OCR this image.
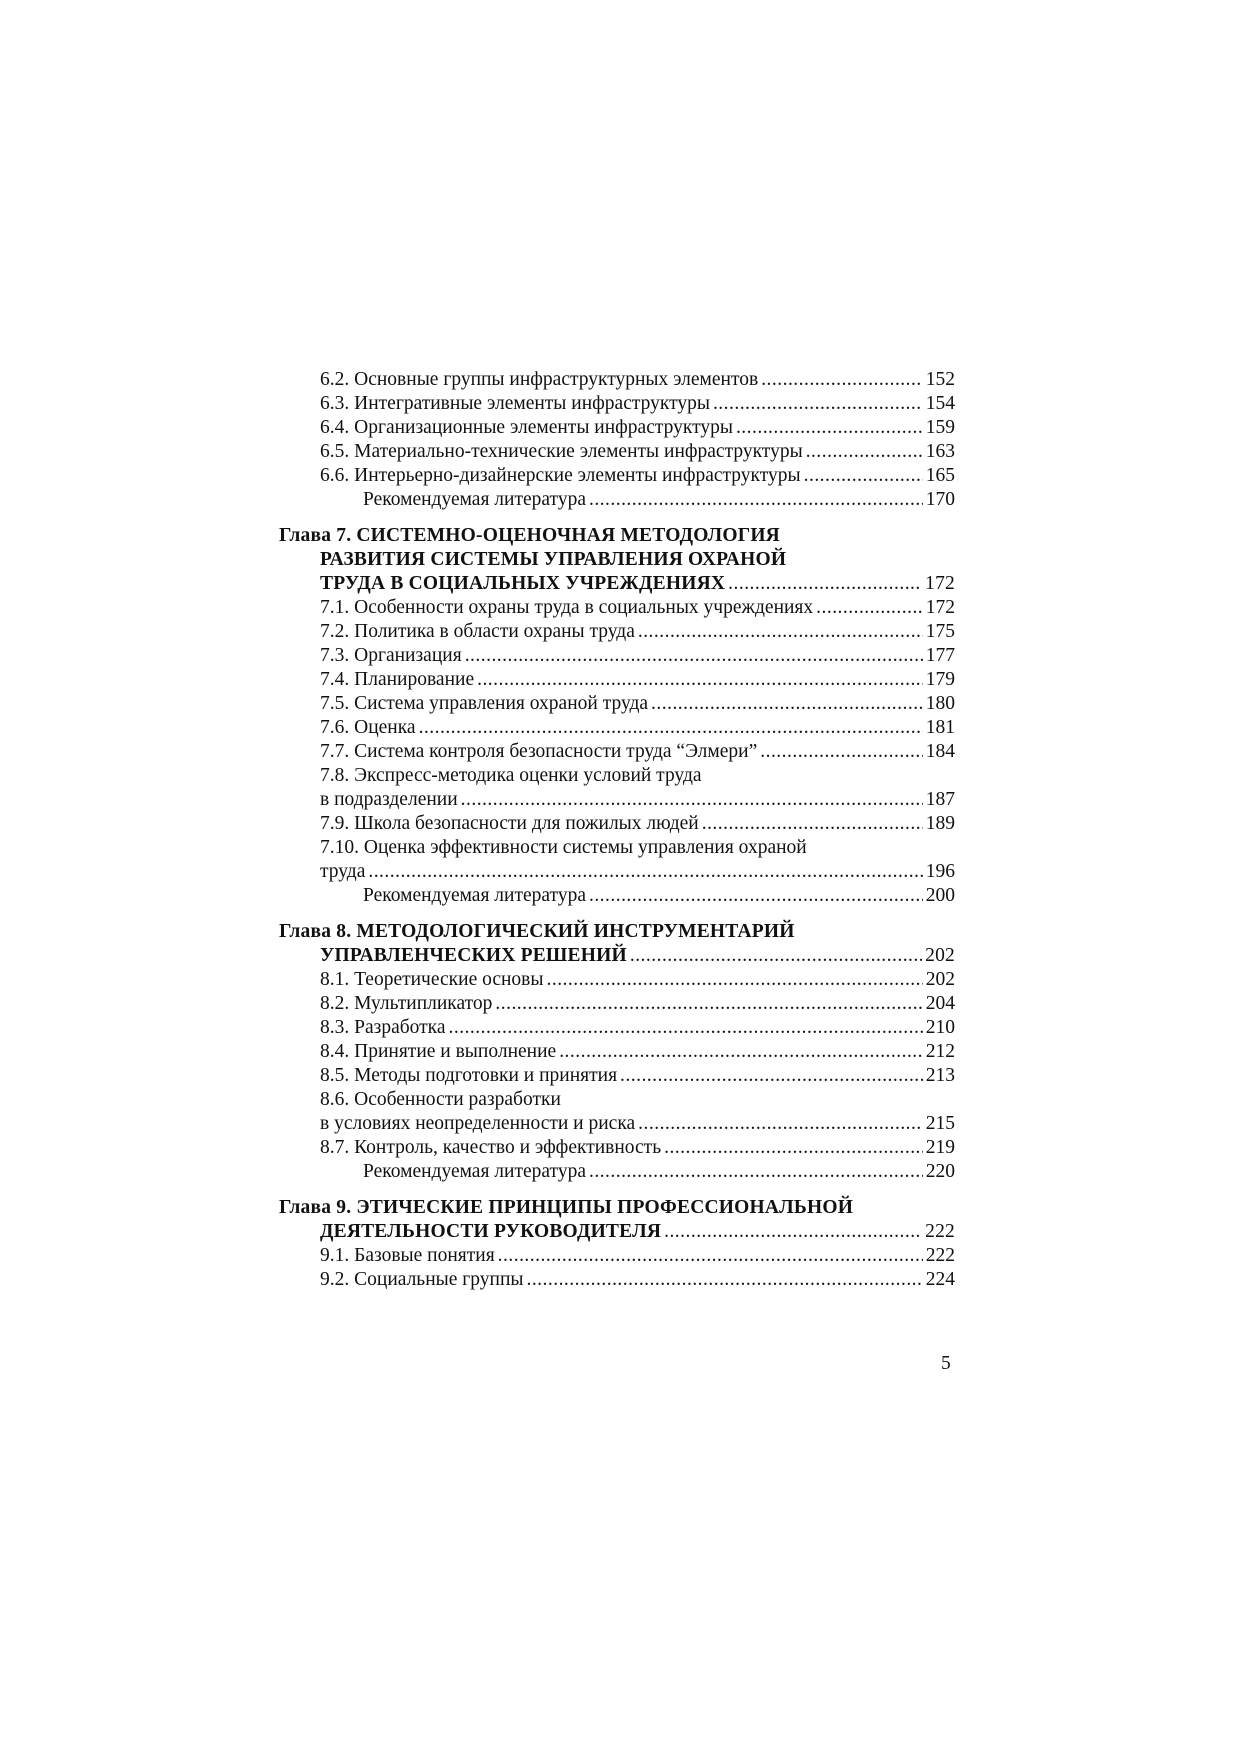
6.2. Основные группы инфраструктурных элементов . . .	152
6.3. Интегративные элементы инфраструктуры . . .	154
6.4. Организационные элементы инфраструктуры . . .	159
6.5. Материально-технические элементы инфраструктуры . . .	163
6.6. Интерьерно-дизайнерские элементы инфраструктуры . . .	165
Рекомендуемая литература . . .	170
Глава 7. СИСТЕМНО-ОЦЕНОЧНАЯ МЕТОДОЛОГИЯ
РАЗВИТИЯ СИСТЕМЫ УПРАВЛЕНИЯ ОХРАНОЙ
ТРУДА В СОЦИАЛЬНЫХ УЧРЕЖДЕНИЯХ . . .	172
7.1. Особенности охраны труда в социальных учреждениях . . .	172
7.2. Политика в области охраны труда . . .	175
7.3. Организация . . .	177
7.4. Планирование . . .	179
7.5. Система управления охраной труда . . .	180
7.6. Оценка . . .	181
7.7. Система контроля безопасности труда “Элмери” . . .	184
7.8. Экспресс-методика оценки условий труда
в подразделении . . .	187
7.9. Школа безопасности для пожилых людей . . .	189
7.10. Оценка эффективности системы управления охраной
труда . . .	196
Рекомендуемая литература . . .	200
Глава 8. МЕТОДОЛОГИЧЕСКИЙ ИНСТРУМЕНТАРИЙ
УПРАВЛЕНЧЕСКИХ РЕШЕНИЙ . . .	202
8.1. Теоретические основы . . .	202
8.2. Мультипликатор . . .	204
8.3. Разработка . . .	210
8.4. Принятие и выполнение . . .	212
8.5. Методы подготовки и принятия . . .	213
8.6. Особенности разработки
в условиях неопределенности и риска . . .	215
8.7. Контроль, качество и эффективность . . .	219
Рекомендуемая литература . . .	220
Глава 9. ЭТИЧЕСКИЕ ПРИНЦИПЫ ПРОФЕССИОНАЛЬНОЙ
ДЕЯТЕЛЬНОСТИ РУКОВОДИТЕЛЯ . . .	222
9.1. Базовые понятия . . .	222
9.2. Социальные группы . . .	224
5
